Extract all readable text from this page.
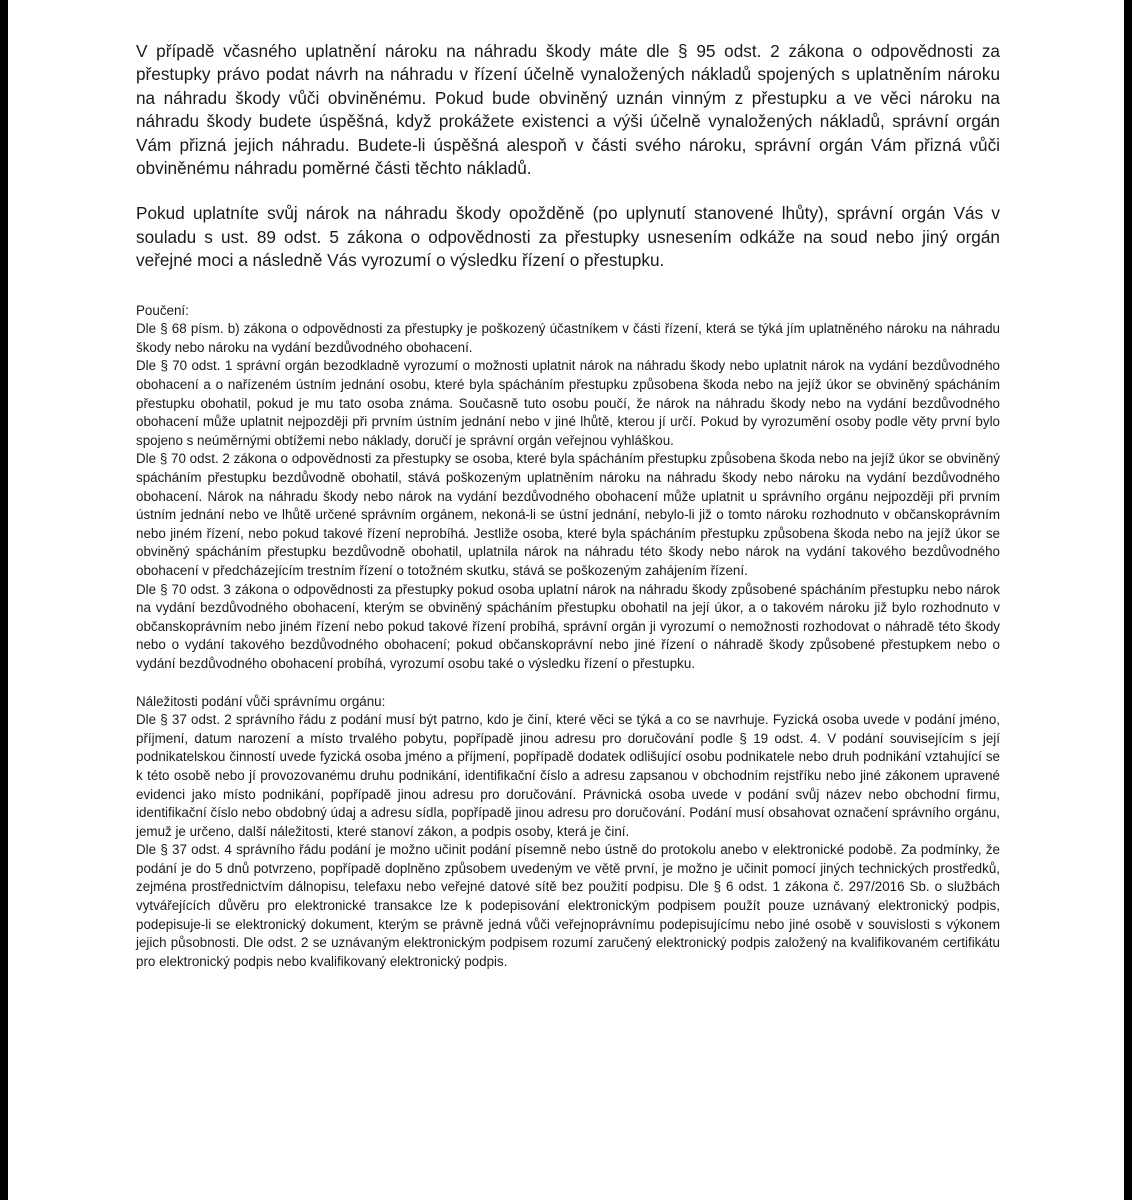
V případě včasného uplatnění nároku na náhradu škody máte dle § 95 odst. 2 zákona o odpovědnosti za přestupky právo podat návrh na náhradu v řízení účelně vynaložených nákladů spojených s uplatněním nároku na náhradu škody vůči obviněnému. Pokud bude obviněný uznán vinným z přestupku a ve věci nároku na náhradu škody budete úspěšná, když prokážete existenci a výši účelně vynaložených nákladů, správní orgán Vám přizná jejich náhradu. Budete-li úspěšná alespoň v části svého nároku, správní orgán Vám přizná vůči obviněnému náhradu poměrné části těchto nákladů.

Pokud uplatníte svůj nárok na náhradu škody opožděně (po uplynutí stanovené lhůty), správní orgán Vás v souladu s ust. 89 odst. 5 zákona o odpovědnosti za přestupky usnesením odkáže na soud nebo jiný orgán veřejné moci a následně Vás vyrozumí o výsledku řízení o přestupku.

Poučení:

Dle § 68 písm. b) zákona o odpovědnosti za přestupky je poškozený účastníkem v části řízení, která se týká jím uplatněného nároku na náhradu škody nebo nároku na vydání bezdůvodného obohacení.

Dle § 70 odst. 1 správní orgán bezodkladně vyrozumí o možnosti uplatnit nárok na náhradu škody nebo uplatnit nárok na vydání bezdůvodného obohacení a o nařízeném ústním jednání osobu, které byla spácháním přestupku způsobena škoda nebo na jejíž úkor se obviněný spácháním přestupku obohatil, pokud je mu tato osoba známa. Současně tuto osobu poučí, že nárok na náhradu škody nebo na vydání bezdůvodného obohacení může uplatnit nejpozději při prvním ústním jednání nebo v jiné lhůtě, kterou jí určí. Pokud by vyrozumění osoby podle věty první bylo spojeno s neúměrnými obtížemi nebo náklady, doručí je správní orgán veřejnou vyhláškou.

Dle § 70 odst. 2 zákona o odpovědnosti za přestupky se osoba, které byla spácháním přestupku způsobena škoda nebo na jejíž úkor se obviněný spácháním přestupku bezdůvodně obohatil, stává poškozeným uplatněním nároku na náhradu škody nebo nároku na vydání bezdůvodného obohacení. Nárok na náhradu škody nebo nárok na vydání bezdůvodného obohacení může uplatnit u správního orgánu nejpozději při prvním ústním jednání nebo ve lhůtě určené správním orgánem, nekoná-li se ústní jednání, nebylo-li již o tomto nároku rozhodnuto v občanskoprávním nebo jiném řízení, nebo pokud takové řízení neprobíhá. Jestliže osoba, které byla spácháním přestupku způsobena škoda nebo na jejíž úkor se obviněný spácháním přestupku bezdůvodně obohatil, uplatnila nárok na náhradu této škody nebo nárok na vydání takového bezdůvodného obohacení v předcházejícím trestním řízení o totožném skutku, stává se poškozeným zahájením řízení.

Dle § 70 odst. 3 zákona o odpovědnosti za přestupky pokud osoba uplatní nárok na náhradu škody způsobené spácháním přestupku nebo nárok na vydání bezdůvodného obohacení, kterým se obviněný spácháním přestupku obohatil na její úkor, a o takovém nároku již bylo rozhodnuto v občanskoprávním nebo jiném řízení nebo pokud takové řízení probíhá, správní orgán ji vyrozumí o nemožnosti rozhodovat o náhradě této škody nebo o vydání takového bezdůvodného obohacení; pokud občanskoprávní nebo jiné řízení o náhradě škody způsobené přestupkem nebo o vydání bezdůvodného obohacení probíhá, vyrozumí osobu také o výsledku řízení o přestupku.

Náležitosti podání vůči správnímu orgánu:

Dle § 37 odst. 2 správního řádu z podání musí být patrno, kdo je činí, které věci se týká a co se navrhuje. Fyzická osoba uvede v podání jméno, příjmení, datum narození a místo trvalého pobytu, popřípadě jinou adresu pro doručování podle § 19 odst. 4. V podání souvisejícím s její podnikatelskou činností uvede fyzická osoba jméno a příjmení, popřípadě dodatek odlišující osobu podnikatele nebo druh podnikání vztahující se k této osobě nebo jí provozovanému druhu podnikání, identifikační číslo a adresu zapsanou v obchodním rejstříku nebo jiné zákonem upravené evidenci jako místo podnikání, popřípadě jinou adresu pro doručování. Právnická osoba uvede v podání svůj název nebo obchodní firmu, identifikační číslo nebo obdobný údaj a adresu sídla, popřípadě jinou adresu pro doručování. Podání musí obsahovat označení správního orgánu, jemuž je určeno, další náležitosti, které stanoví zákon, a podpis osoby, která je činí.

Dle § 37 odst. 4 správního řádu podání je možno učinit podání písemně nebo ústně do protokolu anebo v elektronické podobě. Za podmínky, že podání je do 5 dnů potvrzeno, popřípadě doplněno způsobem uvedeným ve větě první, je možno je učinit pomocí jiných technických prostředků, zejména prostřednictvím dálnopisu, telefaxu nebo veřejné datové sítě bez použití podpisu. Dle § 6 odst. 1 zákona č. 297/2016 Sb. o službách vytvářejících důvěru pro elektronické transakce lze k podepisování elektronickým podpisem použít pouze uznávaný elektronický podpis, podepisuje-li se elektronický dokument, kterým se právně jedná vůči veřejnoprávnímu podepisujícímu nebo jiné osobě v souvislosti s výkonem jejich působnosti. Dle odst. 2 se uznávaným elektronickým podpisem rozumí zaručený elektronický podpis založený na kvalifikovaném certifikátu pro elektronický podpis nebo kvalifikovaný elektronický podpis.
